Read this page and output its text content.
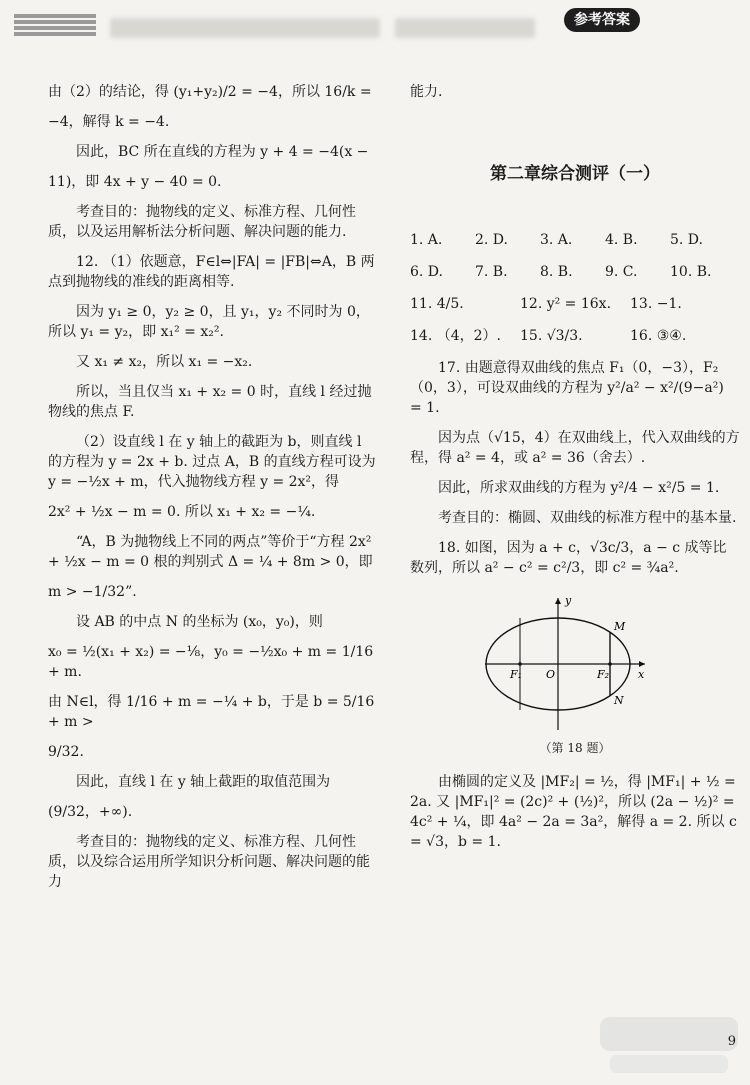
参考答案

由（2）的结论，得 (y₁+y₂)/2 = −4，所以 16/k =

−4，解得 k = −4.

因此，BC 所在直线的方程为 y + 4 = −4(x −

11)，即 4x + y − 40 = 0.

考查目的：抛物线的定义、标准方程、几何性质，以及运用解析法分析问题、解决问题的能力.

12. （1）依题意，F∈l⇔|FA| = |FB|⇔A，B 两点到抛物线的准线的距离相等.

因为 y₁ ≥ 0，y₂ ≥ 0，且 y₁，y₂ 不同时为 0，所以 y₁ = y₂，即 x₁² = x₂².

又 x₁ ≠ x₂，所以 x₁ = −x₂.

所以，当且仅当 x₁ + x₂ = 0 时，直线 l 经过抛物线的焦点 F.

（2）设直线 l 在 y 轴上的截距为 b，则直线 l 的方程为 y = 2x + b. 过点 A，B 的直线方程可设为 y = −½x + m，代入抛物线方程 y = 2x²，得

2x² + ½x − m = 0. 所以 x₁ + x₂ = −¼.

“A，B 为抛物线上不同的两点”等价于“方程 2x² + ½x − m = 0 根的判别式 Δ = ¼ + 8m > 0，即

m > −1/32”.

设 AB 的中点 N 的坐标为 (x₀，y₀)，则

x₀ = ½(x₁ + x₂) = −⅛，y₀ = −½x₀ + m = 1/16 + m.

由 N∈l，得 1/16 + m = −¼ + b，于是 b = 5/16 + m >

9/32.

因此，直线 l 在 y 轴上截距的取值范围为

(9/32，+∞).

考查目的：抛物线的定义、标准方程、几何性质，以及综合运用所学知识分析问题、解决问题的能力

能力.

第二章综合测评（一）

1. A.	2. D.	3. A.	4. B.	5. D.
6. D.	7. B.	8. B.	9. C.	10. B.
11. 4/5.	12. y² = 16x.	13. −1.
14. （4，2）.	15. √3/3.	16. ③④.

17. 由题意得双曲线的焦点 F₁（0，−3），F₂（0，3），可设双曲线的方程为 y²/a² − x²/(9−a²) = 1.

因为点（√15，4）在双曲线上，代入双曲线的方程，得 a² = 4，或 a² = 36（舍去）.

因此，所求双曲线的方程为 y²/4 − x²/5 = 1.

考查目的：椭圆、双曲线的标准方程中的基本量.

18. 如图，因为 a + c，√3c/3，a − c 成等比数列，所以 a² − c² = c²/3，即 c² = ¾a².

y
x
M
N
O
F₁	F₂

（第 18 题）

由椭圆的定义及 |MF₂| = ½，得 |MF₁| + ½ = 2a. 又 |MF₁|² = (2c)² + (½)²，所以 (2a − ½)² = 4c² + ¼，即 4a² − 2a = 3a²，解得 a = 2. 所以 c = √3，b = 1.

9
